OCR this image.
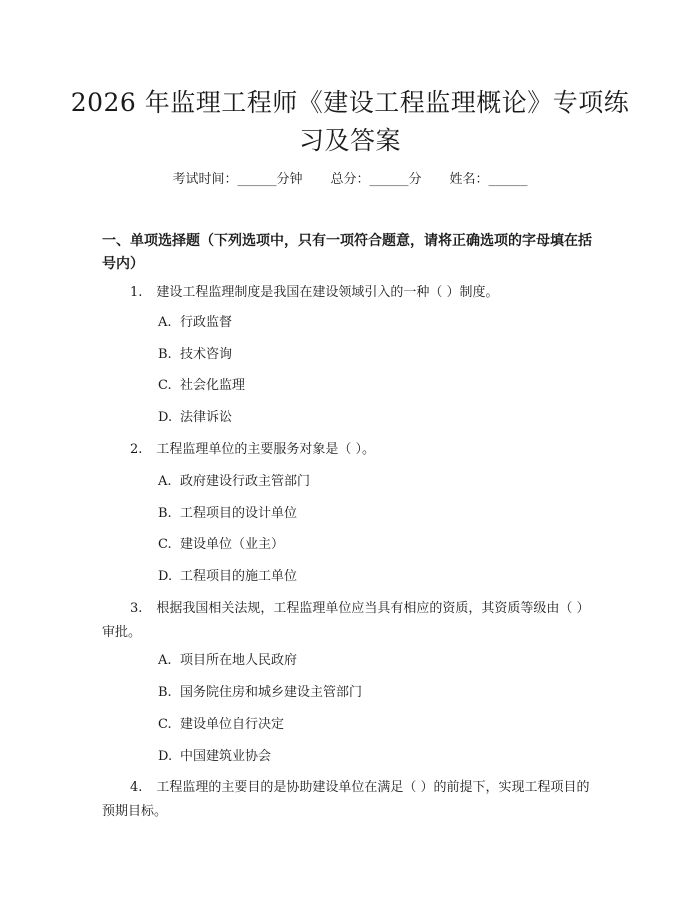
2026 年监理工程师《建设工程监理概论》专项练习及答案
考试时间：______分钟 总分：______分 姓名：______
一、单项选择题（下列选项中，只有一项符合题意，请将正确选项的字母填在括号内）
1. 建设工程监理制度是我国在建设领域引入的一种（ ）制度。
A. 行政监督
B. 技术咨询
C. 社会化监理
D. 法律诉讼
2. 工程监理单位的主要服务对象是（ ）。
A. 政府建设行政主管部门
B. 工程项目的设计单位
C. 建设单位（业主）
D. 工程项目的施工单位
3. 根据我国相关法规，工程监理单位应当具有相应的资质，其资质等级由（ ）审批。
A. 项目所在地人民政府
B. 国务院住房和城乡建设主管部门
C. 建设单位自行决定
D. 中国建筑业协会
4. 工程监理的主要目的是协助建设单位在满足（ ）的前提下，实现工程项目的预期目标。
